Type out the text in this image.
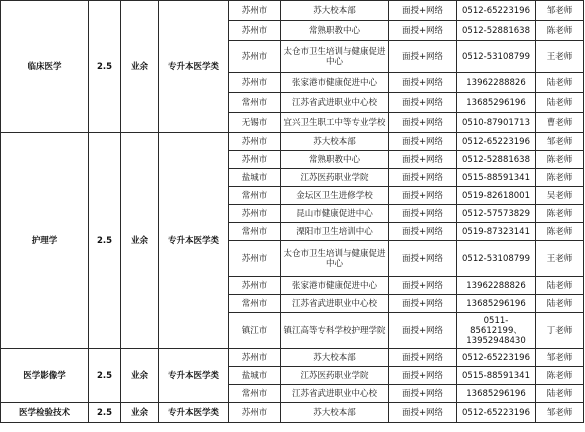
临床医学	2.5	业余	专升本医学类	苏州市	苏大校本部	面授+网络	0512-65223196	邹老师
				苏州市	常熟职教中心	面授+网络	0512-52881638	陈老师
				苏州市	太仓市卫生培训与健康促进中心	面授+网络	0512-53108799	王老师
				苏州市	张家港市健康促进中心	面授+网络	13962288826	陆老师
				常州市	江苏省武进职业中心校	面授+网络	13685296196	陆老师
				无锡市	宜兴卫生职工中等专业学校	面授+网络	0510-87901713	曹老师
护理学	2.5	业余	专升本医学类	苏州市	苏大校本部	面授+网络	0512-65223196	邹老师
				苏州市	常熟职教中心	面授+网络	0512-52881638	陈老师
				盐城市	江苏医药职业学院	面授+网络	0515-88591341	陈老师
				常州市	金坛区卫生进修学校	面授+网络	0519-82618001	吴老师
				苏州市	昆山市健康促进中心	面授+网络	0512-57573829	陈老师
				常州市	溧阳市卫生培训中心	面授+网络	0519-87323141	陈老师
				苏州市	太仓市卫生培训与健康促进中心	面授+网络	0512-53108799	王老师
				苏州市	张家港市健康促进中心	面授+网络	13962288826	陆老师
				常州市	江苏省武进职业中心校	面授+网络	13685296196	陆老师
				镇江市	镇江高等专科学校护理学院	面授+网络	0511-85612199、13952948430	丁老师
医学影像学	2.5	业余	专升本医学类	苏州市	苏大校本部	面授+网络	0512-65223196	邹老师
				盐城市	江苏医药职业学院	面授+网络	0515-88591341	陈老师
				常州市	江苏省武进职业中心校	面授+网络	13685296196	陆老师
医学检验技术	2.5	业余	专升本医学类	苏州市	苏大校本部	面授+网络	0512-65223196	邹老师
